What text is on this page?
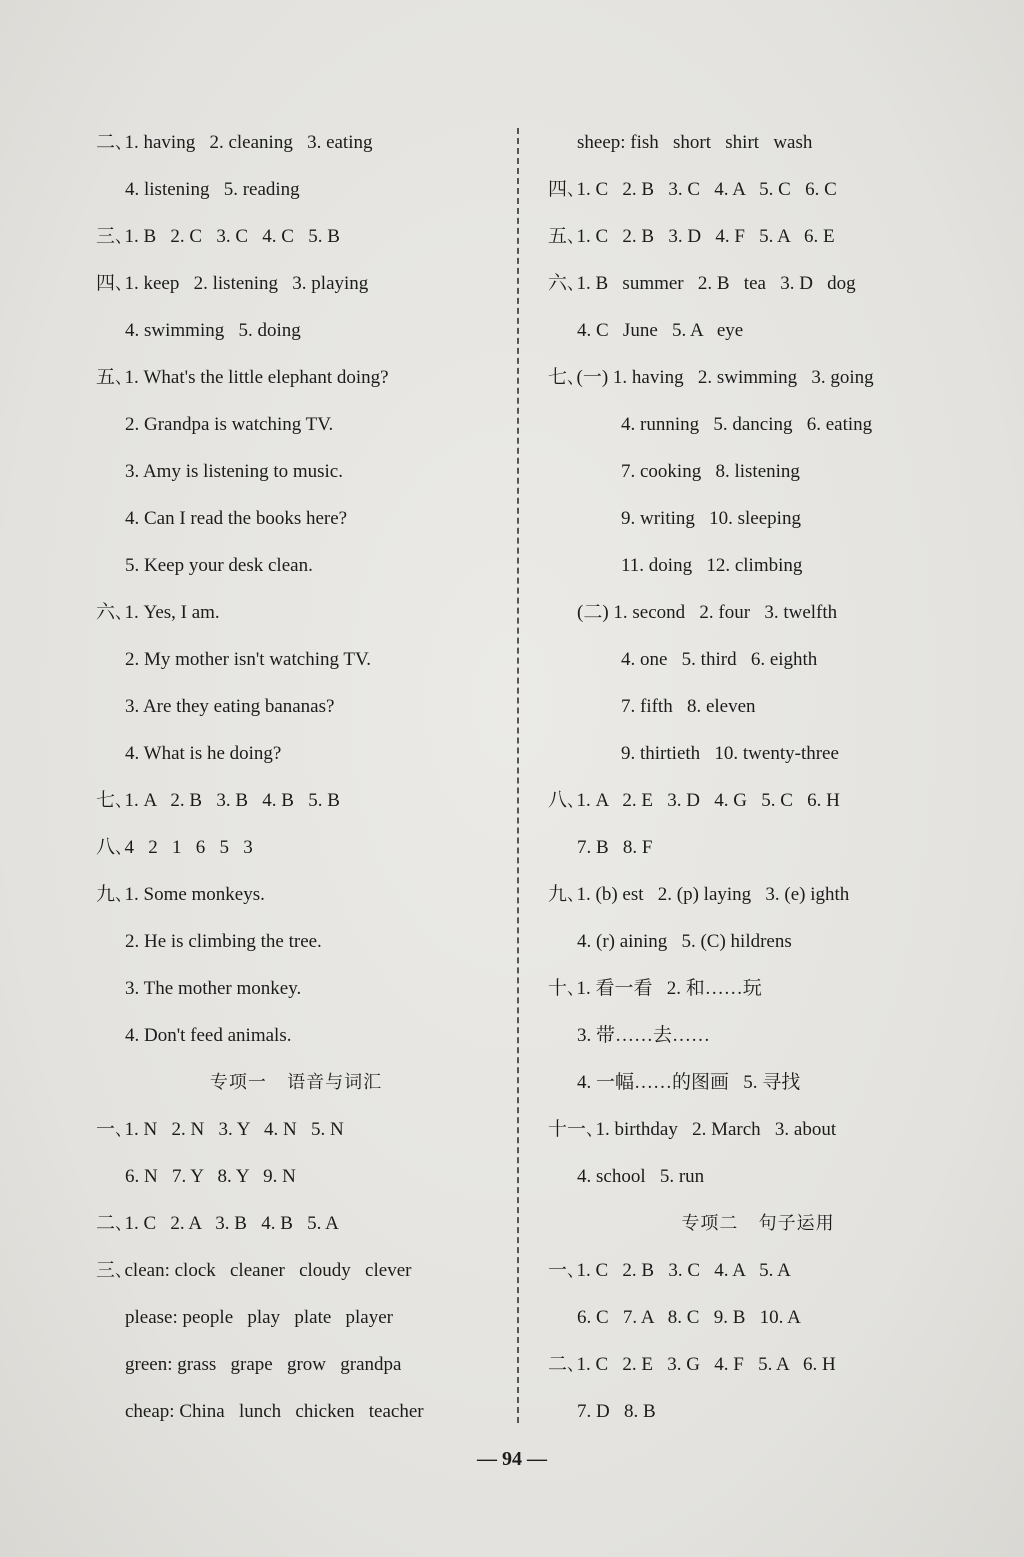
二､1. having   2. cleaning   3. eating
4. listening   5. reading
三､1. B   2. C   3. C   4. C   5. B
四､1. keep   2. listening   3. playing
4. swimming   5. doing
五､1. What's the little elephant doing?
2. Grandpa is watching TV.
3. Amy is listening to music.
4. Can I read the books here?
5. Keep your desk clean.
六､1. Yes, I am.
2. My mother isn't watching TV.
3. Are they eating bananas?
4. What is he doing?
七､1. A   2. B   3. B   4. B   5. B
八､4   2   1   6   5   3
九､1. Some monkeys.
2. He is climbing the tree.
3. The mother monkey.
4. Don't feed animals.
专项一   语音与词汇
一､1. N   2. N   3. Y   4. N   5. N
6. N   7. Y   8. Y   9. N
二､1. C   2. A   3. B   4. B   5. A
三､clean: clock   cleaner   cloudy   clever
please: people   play   plate   player
green: grass   grape   grow   grandpa
cheap: China   lunch   chicken   teacher
sheep: fish   short   shirt   wash
四､1. C   2. B   3. C   4. A   5. C   6. C
五､1. C   2. B   3. D   4. F   5. A   6. E
六､1. B   summer   2. B   tea   3. D   dog
4. C   June   5. A   eye
七､(一) 1. having   2. swimming   3. going
4. running   5. dancing   6. eating
7. cooking   8. listening
9. writing   10. sleeping
11. doing   12. climbing
(二) 1. second   2. four   3. twelfth
4. one   5. third   6. eighth
7. fifth   8. eleven
9. thirtieth   10. twenty-three
八､1. A   2. E   3. D   4. G   5. C   6. H
7. B   8. F
九､1. (b) est   2. (p) laying   3. (e) ighth
4. (r) aining   5. (C) hildrens
十､1. 看一看   2. 和……玩
3. 带……去……
4. 一幅……的图画   5. 寻找
十一､1. birthday   2. March   3. about
4. school   5. run
专项二   句子运用
一､1. C   2. B   3. C   4. A   5. A
6. C   7. A   8. C   9. B   10. A
二､1. C   2. E   3. G   4. F   5. A   6. H
7. D   8. B
— 94 —
